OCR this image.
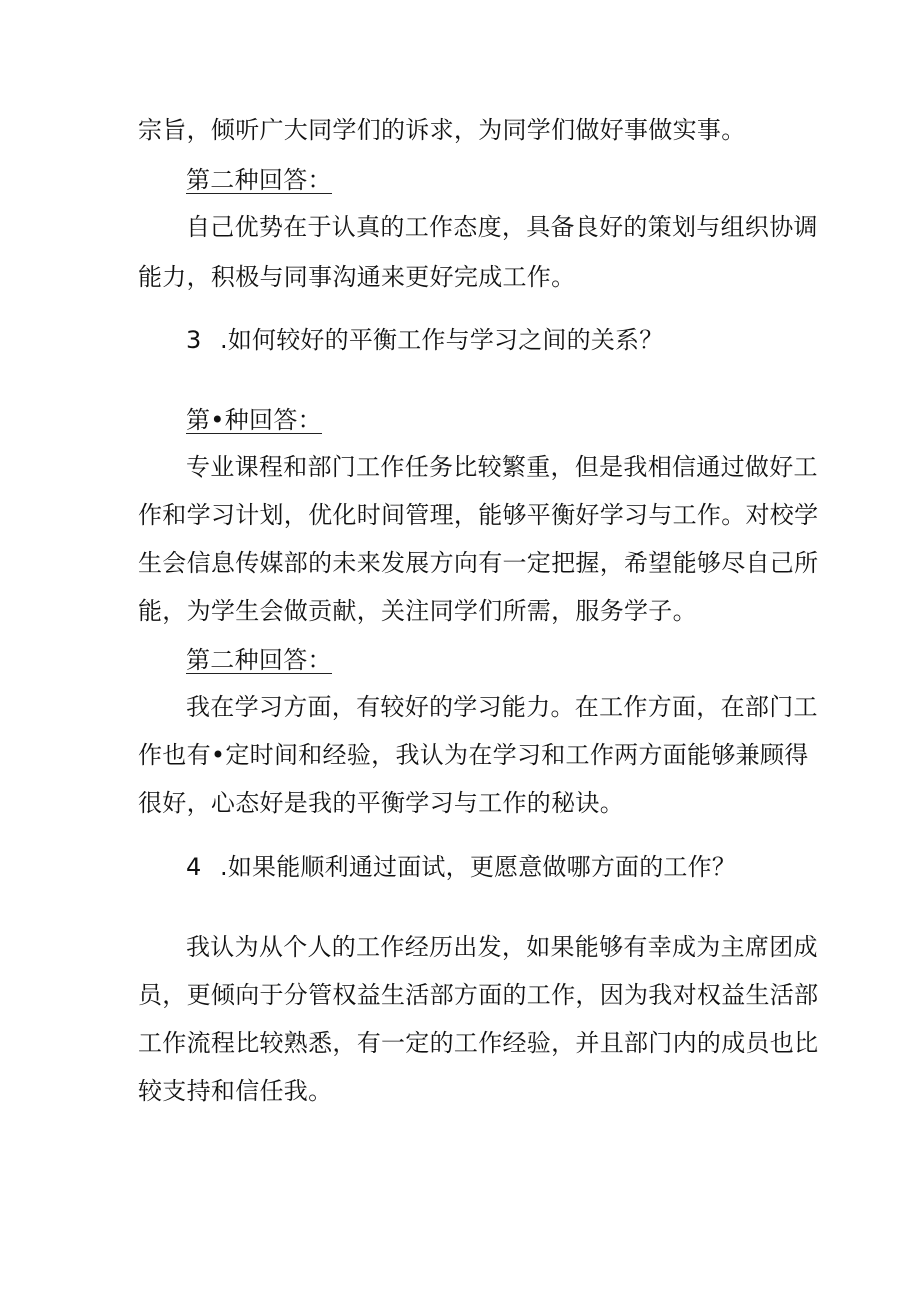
宗旨，倾听广大同学们的诉求，为同学们做好事做实事。
第二种回答：
自己优势在于认真的工作态度，具备良好的策划与组织协调
能力，积极与同事沟通来更好完成工作。
3 .如何较好的平衡工作与学习之间的关系？
第•种回答：
专业课程和部门工作任务比较繁重，但是我相信通过做好工
作和学习计划，优化时间管理，能够平衡好学习与工作。对校学
生会信息传媒部的未来发展方向有一定把握，希望能够尽自己所
能，为学生会做贡献，关注同学们所需，服务学子。
第二种回答：
我在学习方面，有较好的学习能力。在工作方面，在部门工
作也有•定时间和经验，我认为在学习和工作两方面能够兼顾得
很好，心态好是我的平衡学习与工作的秘诀。
4 .如果能顺利通过面试，更愿意做哪方面的工作？
我认为从个人的工作经历出发，如果能够有幸成为主席团成
员，更倾向于分管权益生活部方面的工作，因为我对权益生活部
工作流程比较熟悉，有一定的工作经验，并且部门内的成员也比
较支持和信任我。
